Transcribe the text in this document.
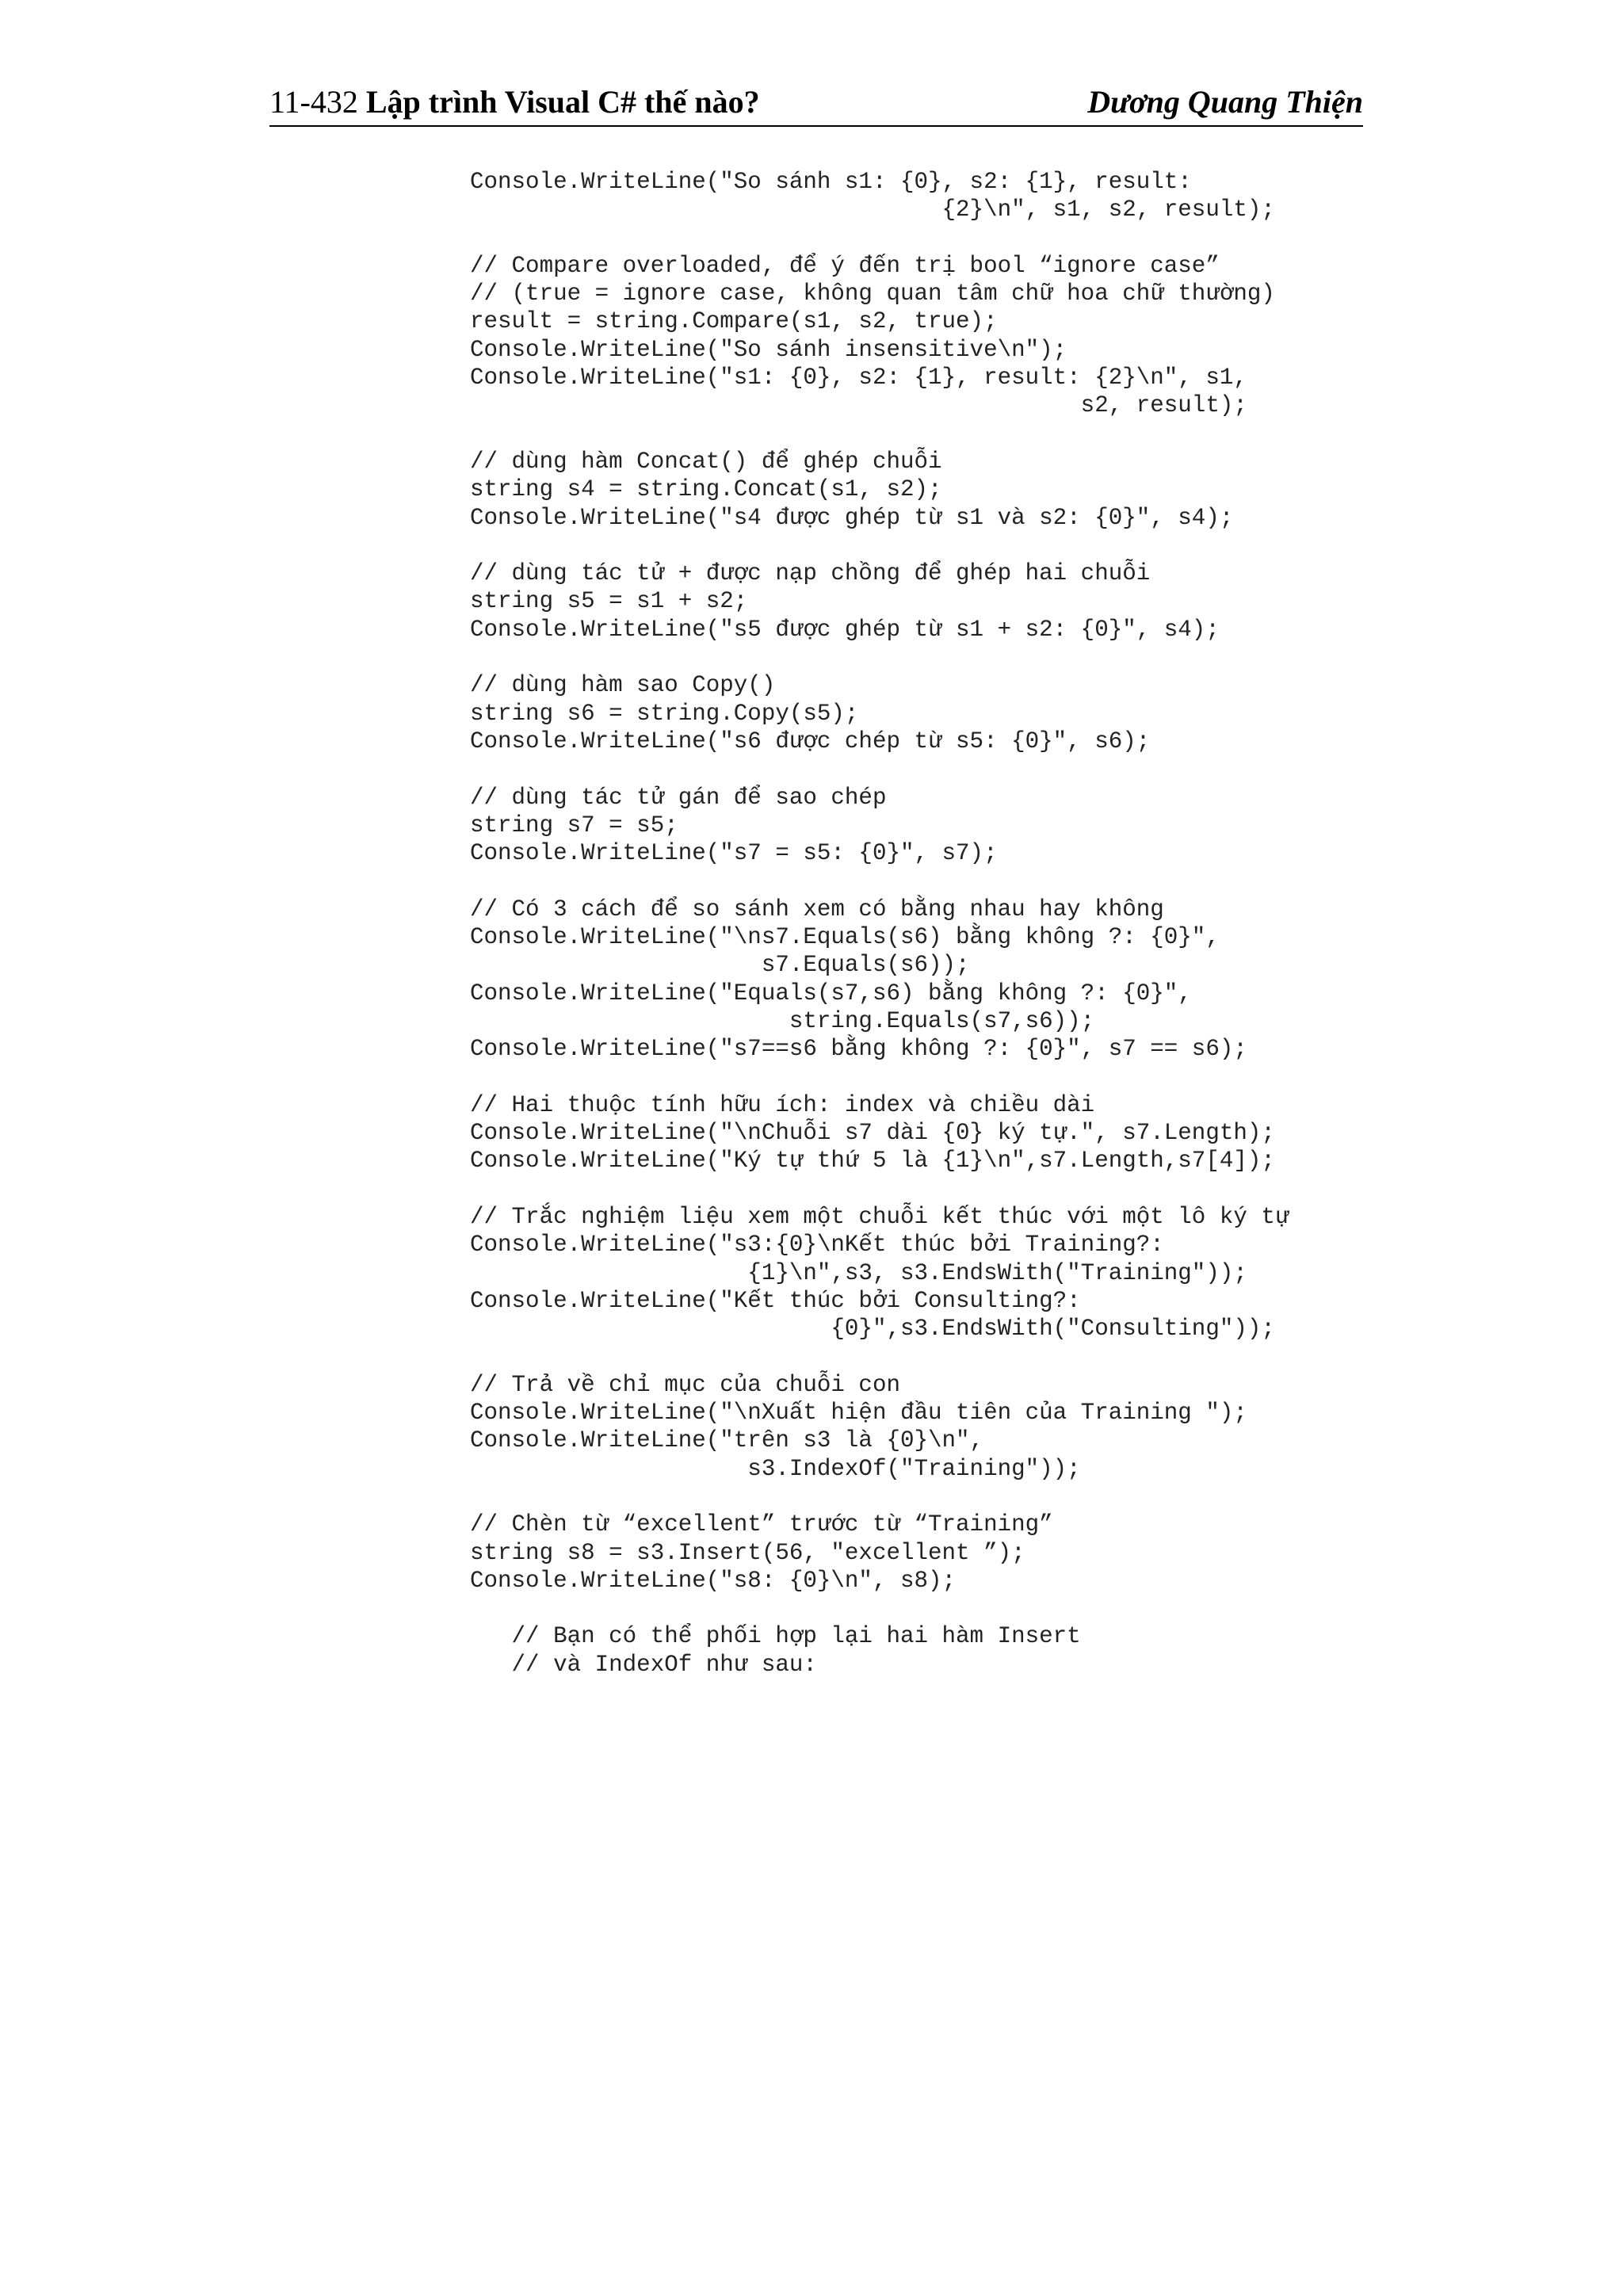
11-432 Lập trình Visual C# thế nào?	Dương Quang Thiện
Console.WriteLine("So sánh s1: {0}, s2: {1}, result:
{2}\n", s1, s2, result);
// Compare overloaded, để ý đến trị bool “ignore case”
// (true = ignore case, không quan tâm chữ hoa chữ thường)
result = string.Compare(s1, s2, true);
Console.WriteLine("So sánh insensitive\n");
Console.WriteLine("s1: {0}, s2: {1}, result: {2}\n", s1,
s2, result);
// dùng hàm Concat() để ghép chuỗi
string s4 = string.Concat(s1, s2);
Console.WriteLine("s4 được ghép từ s1 và s2: {0}", s4);
// dùng tác tử + được nạp chồng để ghép hai chuỗi
string s5 = s1 + s2;
Console.WriteLine("s5 được ghép từ s1 + s2: {0}", s4);
// dùng hàm sao Copy()
string s6 = string.Copy(s5);
Console.WriteLine("s6 được chép từ s5: {0}", s6);
// dùng tác tử gán để sao chép
string s7 = s5;
Console.WriteLine("s7 = s5: {0}", s7);
// Có 3 cách để so sánh xem có bằng nhau hay không
Console.WriteLine("\ns7.Equals(s6) bằng không ?: {0}",
s7.Equals(s6));
Console.WriteLine("Equals(s7,s6) bằng không ?: {0}",
string.Equals(s7,s6));
Console.WriteLine("s7==s6 bằng không ?: {0}", s7 == s6);
// Hai thuộc tính hữu ích: index và chiều dài
Console.WriteLine("\nChuỗi s7 dài {0} ký tự.", s7.Length);
Console.WriteLine("Ký tự thứ 5 là {1}\n",s7.Length,s7[4]);
// Trắc nghiệm liệu xem một chuỗi kết thúc với một lô ký tự
Console.WriteLine("s3:{0}\nKết thúc bởi Training?:
{1}\n",s3, s3.EndsWith("Training"));
Console.WriteLine("Kết thúc bởi Consulting?:
{0}",s3.EndsWith("Consulting"));
// Trả về chỉ mục của chuỗi con
Console.WriteLine("\nXuất hiện đầu tiên của Training ");
Console.WriteLine("trên s3 là {0}\n",
s3.IndexOf("Training"));
// Chèn từ “excellent” trước từ “Training”
string s8 = s3.Insert(56, "excellent ”);
Console.WriteLine("s8: {0}\n", s8);
// Bạn có thể phối hợp lại hai hàm Insert
// và IndexOf như sau:
